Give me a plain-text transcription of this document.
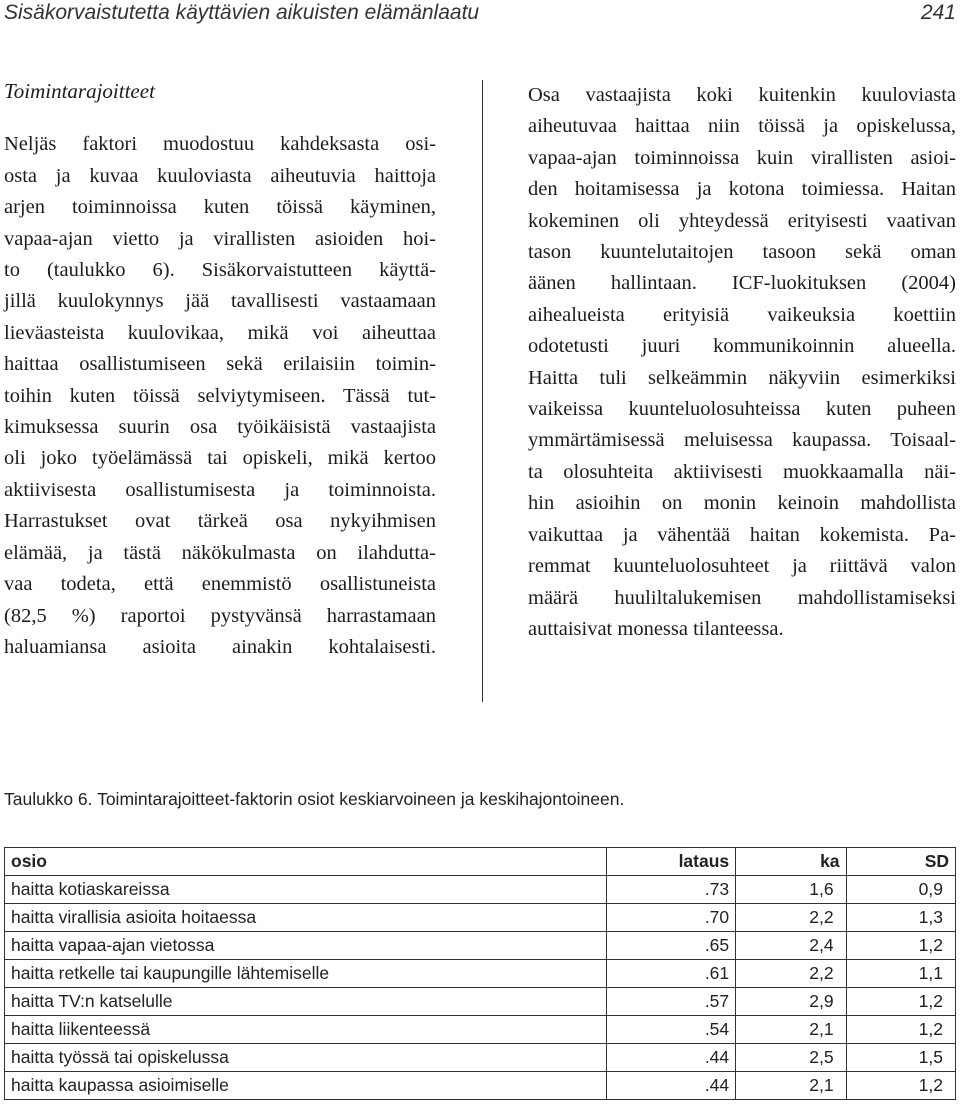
Sisäkorvaistutetta käyttävien aikuisten elämänlaatu	241

Toimintarajoitteet

Neljäs faktori muodostuu kahdeksasta osi-
osta ja kuvaa kuuloviasta aiheutuvia haittoja
arjen toiminnoissa kuten töissä käyminen,
vapaa-ajan vietto ja virallisten asioiden hoi-
to (taulukko 6). Sisäkorvaistutteen käyttä-
jillä kuulokynnys jää tavallisesti vastaamaan
lieväasteista kuulovikaa, mikä voi aiheuttaa
haittaa osallistumiseen sekä erilaisiin toimin-
toihin kuten töissä selviytymiseen. Tässä tut-
kimuksessa suurin osa työikäisistä vastaajista
oli joko työelämässä tai opiskeli, mikä kertoo
aktiivisesta osallistumisesta ja toiminnoista.
Harrastukset ovat tärkeä osa nykyihmisen
elämää, ja tästä näkökulmasta on ilahdutta-
vaa todeta, että enemmistö osallistuneista
(82,5 %) raportoi pystyvänsä harrastamaan
haluamiansa asioita ainakin kohtalaisesti.

Osa vastaajista koki kuitenkin kuuloviasta
aiheutuvaa haittaa niin töissä ja opiskelussa,
vapaa-ajan toiminnoissa kuin virallisten asioi-
den hoitamisessa ja kotona toimiessa. Haitan
kokeminen oli yhteydessä erityisesti vaativan
tason kuuntelutaitojen tasoon sekä oman
äänen hallintaan. ICF-luokituksen (2004)
aihealueista erityisiä vaikeuksia koettiin
odotetusti juuri kommunikoinnin alueella.
Haitta tuli selkeämmin näkyviin esimerkiksi
vaikeissa kuunteluolosuhteissa kuten puheen
ymmärtämisessä meluisessa kaupassa. Toisaal-
ta olosuhteita aktiivisesti muokkaamalla näi-
hin asioihin on monin keinoin mahdollista
vaikuttaa ja vähentää haitan kokemista. Pa-
remmat kuunteluolosuhteet ja riittävä valon
määrä huuliltalukemisen mahdollistamiseksi
auttaisivat monessa tilanteessa.

Taulukko 6. Toimintarajoitteet-faktorin osiot keskiarvoineen ja keskihajontoineen.
osio	lataus	ka	SD
haitta kotiaskareissa	.73	1,6	0,9
haitta virallisia asioita hoitaessa	.70	2,2	1,3
haitta vapaa-ajan vietossa	.65	2,4	1,2
haitta retkelle tai kaupungille lähtemiselle	.61	2,2	1,1
haitta TV:n katselulle	.57	2,9	1,2
haitta liikenteessä	.54	2,1	1,2
haitta työssä tai opiskelussa	.44	2,5	1,5
haitta kaupassa asioimiselle	.44	2,1	1,2
